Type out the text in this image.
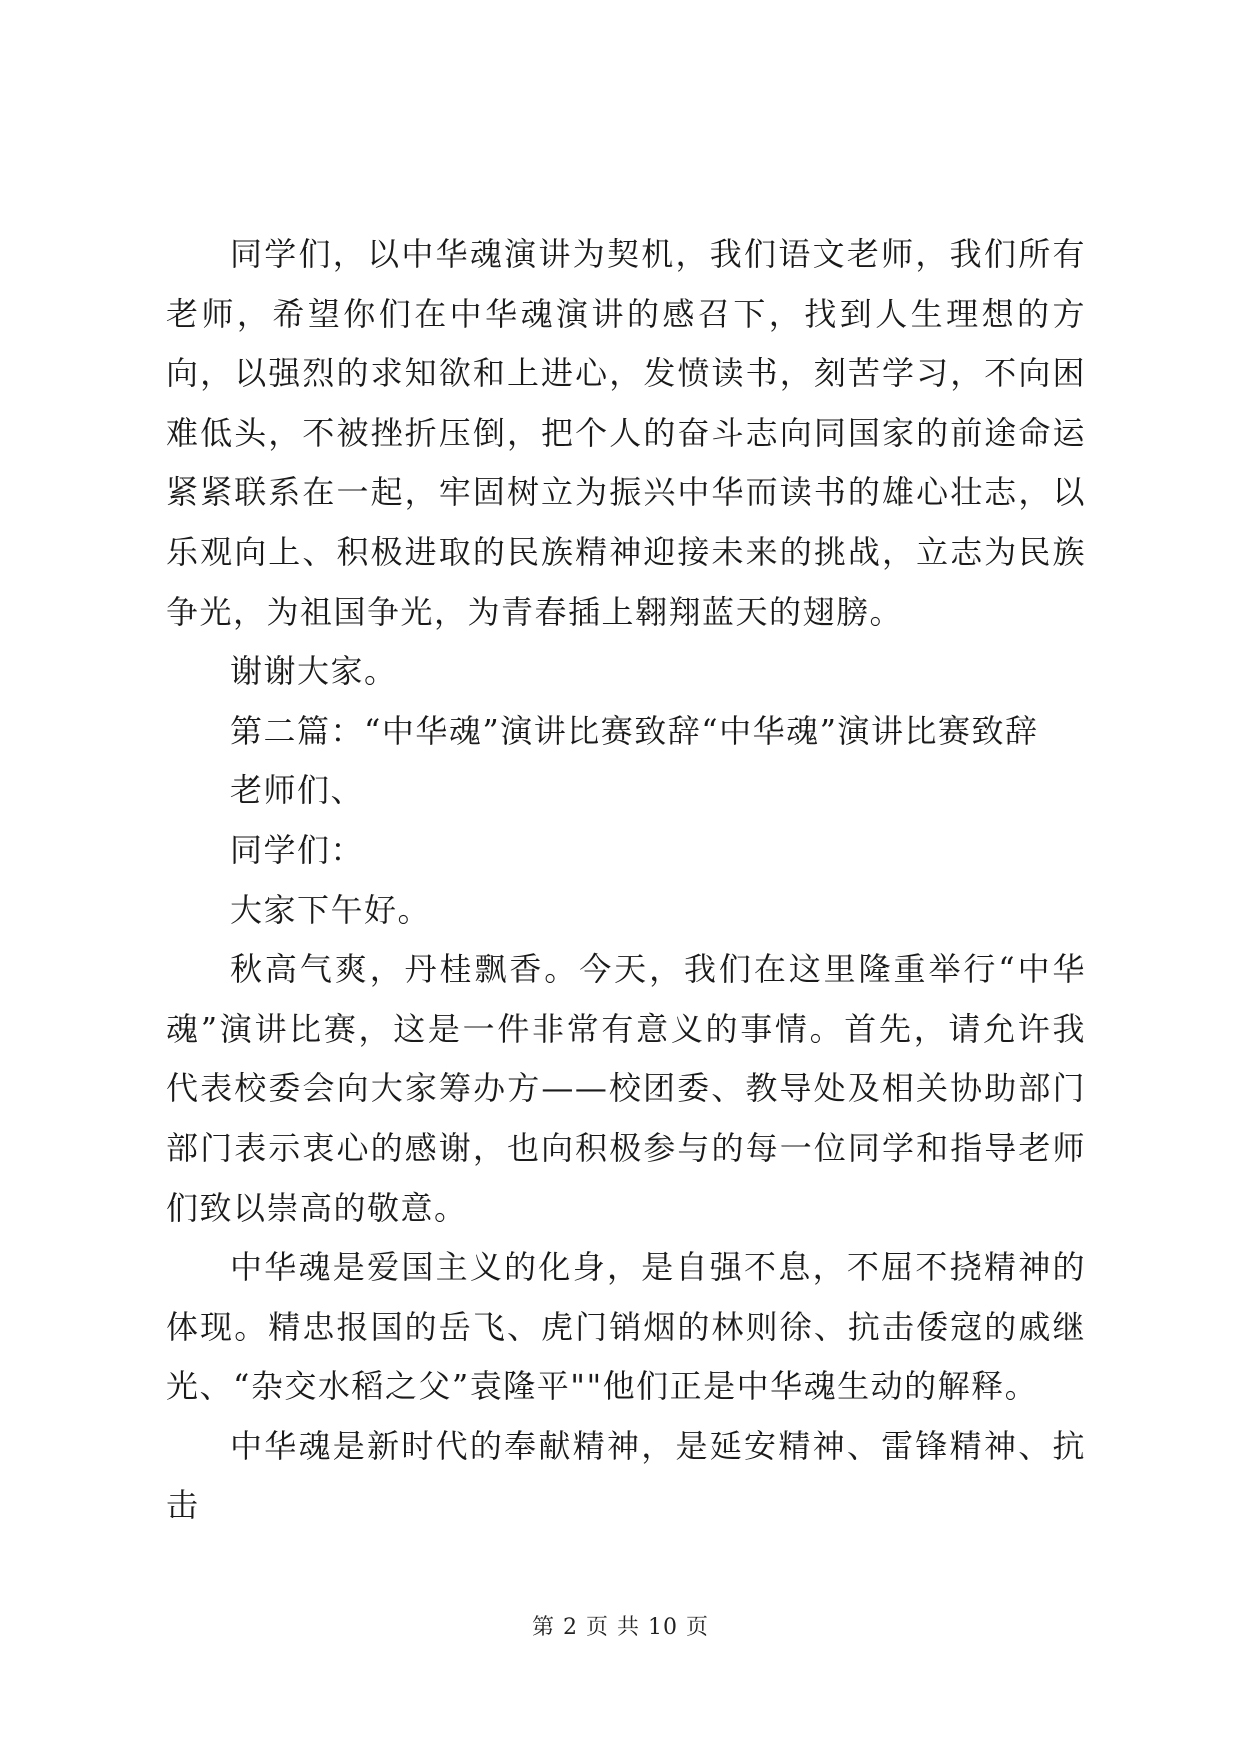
同学们，以中华魂演讲为契机，我们语文老师，我们所有老师，希望你们在中华魂演讲的感召下，找到人生理想的方向，以强烈的求知欲和上进心，发愤读书，刻苦学习，不向困难低头，不被挫折压倒，把个人的奋斗志向同国家的前途命运紧紧联系在一起，牢固树立为振兴中华而读书的雄心壮志，以乐观向上、积极进取的民族精神迎接未来的挑战，立志为民族争光，为祖国争光，为青春插上翱翔蓝天的翅膀。

谢谢大家。

第二篇：“中华魂”演讲比赛致辞“中华魂”演讲比赛致辞

老师们、

同学们：

大家下午好。

秋高气爽，丹桂飘香。今天，我们在这里隆重举行“中华魂”演讲比赛，这是一件非常有意义的事情。首先，请允许我代表校委会向大家筹办方——校团委、教导处及相关协助部门部门表示衷心的感谢，也向积极参与的每一位同学和指导老师们致以崇高的敬意。

中华魂是爱国主义的化身，是自强不息，不屈不挠精神的体现。精忠报国的岳飞、虎门销烟的林则徐、抗击倭寇的戚继光、“杂交水稻之父”袁隆平""他们正是中华魂生动的解释。

中华魂是新时代的奉献精神，是延安精神、雷锋精神、抗击

第 2 页 共 10 页
